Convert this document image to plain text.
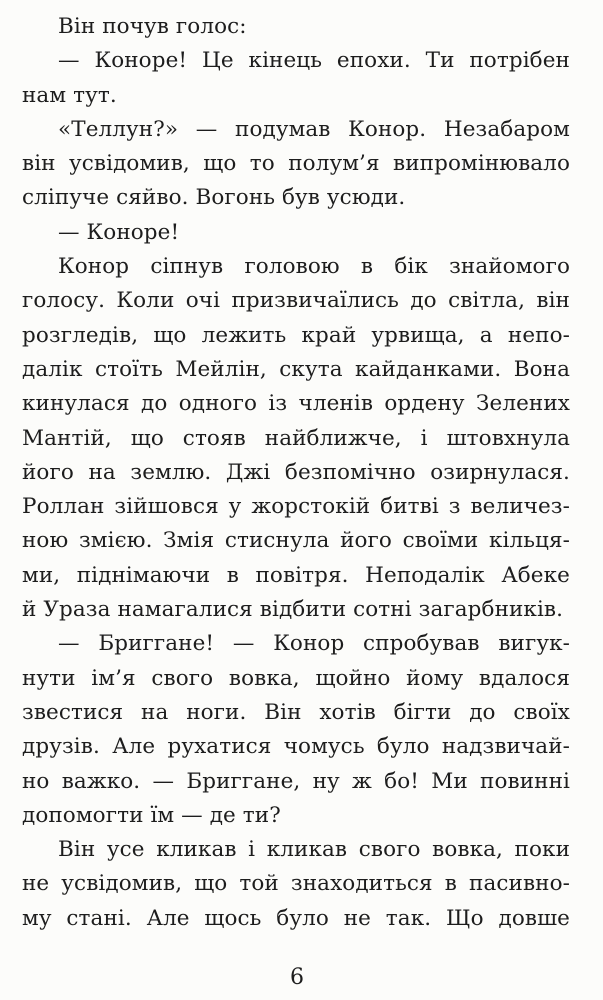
Він почув голос:
— Коноре! Це кінець епохи. Ти потрібен
нам тут.
«Теллун?» — подумав Конор. Незабаром
він усвідомив, що то полум’я випромінювало
сліпуче сяйво. Вогонь був усюди.
— Коноре!
Конор сіпнув головою в бік знайомого
голосу. Коли очі призвичаїлись до світла, він
розгледів, що лежить край урвища, а непо-
далік стоїть Мейлін, скута кайданками. Вона
кинулася до одного із членів ордену Зелених
Мантій, що стояв найближче, і штовхнула
його на землю. Джі безпомічно озирнулася.
Роллан зійшовся у жорстокій битві з величез-
ною змією. Змія стиснула його своїми кільця-
ми, піднімаючи в повітря. Неподалік Абеке
й Ураза намагалися відбити сотні загарбників.
— Бриггане! — Конор спробував вигук-
нути ім’я свого вовка, щойно йому вдалося
звестися на ноги. Він хотів бігти до своїх
друзів. Але рухатися чомусь було надзвичай-
но важко. — Бриггане, ну ж бо! Ми повинні
допомогти їм — де ти?
Він усе кликав і кликав свого вовка, поки
не усвідомив, що той знаходиться в пасивно-
му стані. Але щось було не так. Що довше
6
